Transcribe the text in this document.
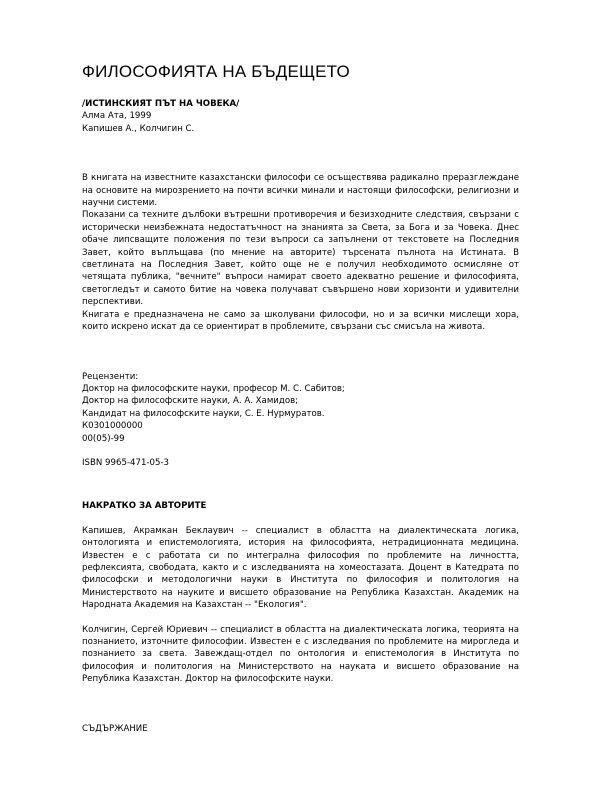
ФИЛОСОФИЯТА НА БЪДЕЩЕТО

/ИСТИНСКИЯТ ПЪТ НА ЧОВЕКА/

Алма Ата, 1999

Капишев А., Колчигин С.

В книгата на известните казахстански философи се осъществява радикално преразглеждане на основите на мирозрението на почти всички минали и настоящи философски, религиозни и научни системи.

Показани са техните дълбоки вътрешни противоречия и безизходните следствия, свързани с исторически неизбежната недостатъчност на знанията за Света, за Бога и за Човека. Днес обаче липсващите положения по тези въпроси са запълнени от текстовете на Последния Завет, който въплъщава (по мнение на авторите) търсената пълнота на Истината. В светлината на Последния Завет, който още не е получил необходимото осмисляне от четящата публика, "вечните" въпроси намират своето адекватно решение и философията, светогледът и самото битие на човека получават съвършено нови хоризонти и удивителни перспективи.

Книгата е предназначена не само за школувани философи, но и за всички мислещи хора, които искрено искат да се ориентират в проблемите, свързани със смисъла на живота.

Рецензенти:

Доктор на философските науки, професор М. С. Сабитов;

Доктор на философските науки, А. А. Хамидов;

Кандидат на философските науки, С. Е. Нурмуратов.

К0301000000

00(05)-99

ISBN 9965-471-05-3

НАКРАТКО ЗА АВТОРИТЕ

Капишев, Акрамкан Беклаувич -- специалист в областта на диалектическата логика, онтологията и епистемологията, история на философията, нетрадиционната медицина. Известен е с работата си по интегрална философия по проблемите на личността, рефлексията, свободата, както и с изследванията на хомеостазата. Доцент в Катедрата по философски и методологични науки в Института по философия и политология на Министерството на науките и висшето образование на Република Казахстан. Академик на Народната Академия на Казахстан -- "Екология".

Колчигин, Сергей Юриевич -- специалист в областта на диалектическата логика, теорията на познанието, източните философии. Известен е с изследвания по проблемите на мирогледа и познанието за света. Завеждащ-отдел по онтология и епистемология в Института по философия и политология на Министерството на науката и висшето образование на Република Казахстан. Доктор на философските науки.

СЪДЪРЖАНИЕ
